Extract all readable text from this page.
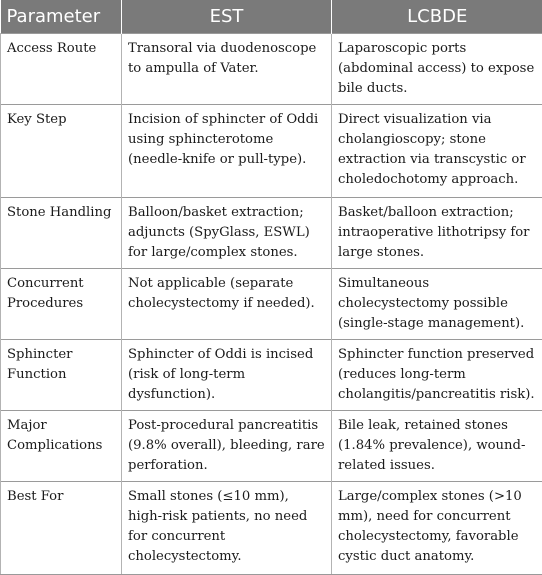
Parameter	EST	LCBDE
Access Route	Transoral via duodenoscope to ampulla of Vater.	Laparoscopic ports (abdominal access) to expose bile ducts.
Key Step	Incision of sphincter of Oddi using sphincterotome (needle-knife or pull-type).	Direct visualization via cholangioscopy; stone extraction via transcystic or choledochotomy approach.
Stone Handling	Balloon/basket extraction; adjuncts (SpyGlass, ESWL) for large/complex stones.	Basket/balloon extraction; intraoperative lithotripsy for large stones.
Concurrent Procedures	Not applicable (separate cholecystectomy if needed).	Simultaneous cholecystectomy possible (single-stage management).
Sphincter Function	Sphincter of Oddi is incised (risk of long-term dysfunction).	Sphincter function preserved (reduces long-term cholangitis/pancreatitis risk).
Major Complications	Post-procedural pancreatitis (9.8% overall), bleeding, rare perforation.	Bile leak, retained stones (1.84% prevalence), wound-related issues.
Best For	Small stones (≤10 mm), high-risk patients, no need for concurrent cholecystectomy.	Large/complex stones (>10 mm), need for concurrent cholecystectomy, favorable cystic duct anatomy.
